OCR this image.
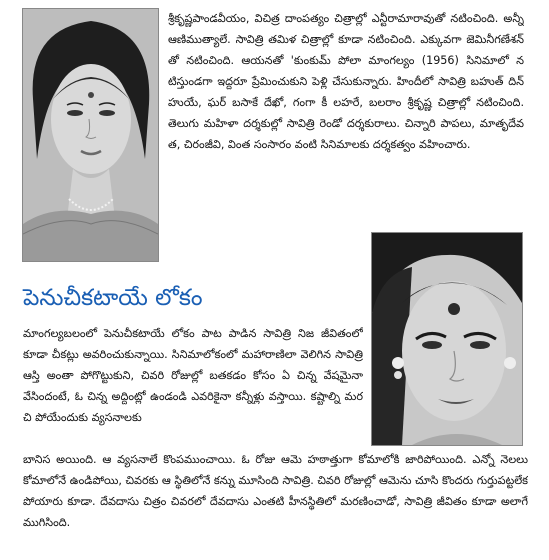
శ్రీకృష్ణపాండవీయం, విచిత్ర దాంపత్యం చిత్రాల్లో ఎన్టీరామారావుతో నటించింది. అన్నీ ఆణిముత్యాలే. సావిత్రి తమిళ చిత్రాల్లో కూడా నటించింది. ఎక్కువగా జెమినీగణేశన్ తో నటించింది. ఆయనతో 'కుంకుమ్ పోలా మాంగల్యం (1956) సినిమాలో నటిస్తుండగా ఇద్దరూ ప్రేమించుకుని పెళ్లి చేసుకున్నారు. హిందీలో సావిత్రి బహుత్ దిన్ హుయే, ఘర్ బసాకే దేఖో, గంగా కీ లహరే, బలరాం శ్రీకృష్ణ చిత్రాల్లో నటించింది. తెలుగు మహిళా దర్శకుల్లో సావిత్రి రెండో దర్శకురాలు. చిన్నారి పాపలు, మాతృదేవత, చిరంజీవి, వింత సంసారం వంటి సినిమాలకు దర్శకత్వం వహించారు.
పెనుచీకటాయే లోకం
మాంగల్యబలంలో పెనుచీకటాయే లోకం పాట పాడిన సావిత్రి నిజ జీవితంలో కూడా చీకట్లు అవరించుకున్నాయి. సినిమాలోకంలో మహారాణిలా వెలిగిన సావిత్రి ఆస్తి అంతా పోగొట్టుకుని, చివరి రోజుల్లో బతకడం కోసం ఏ చిన్న వేషమైనా వేసిందంటే, ఓ చిన్న అద్దింట్లో ఉండండి ఎవరికైనా కన్నీళ్లు వస్తాయి. కష్టాల్ని మరచి పోయేందుకు వ్యసనాలకు
బానిస అయింది. ఆ వ్యసనాలే కొంపముంచాయి. ఓ రోజు ఆమె హఠాత్తుగా కోమాలోకి జారిపోయింది. ఎన్నో నెలలు కోమాలోనే ఉండిపోయి, చివరకు ఆ స్థితిలోనే కన్ను మూసింది సావిత్రి. చివరి రోజుల్లో ఆమెను చూసి కొందరు గుర్తుపట్టలేకపోయారు కూడా. దేవదాసు చిత్రం చివరలో దేవదాసు ఎంతటి హీనస్థితిలో మరణించాడో, సావిత్రి జీవితం కూడా అలాగే ముగిసింది.
